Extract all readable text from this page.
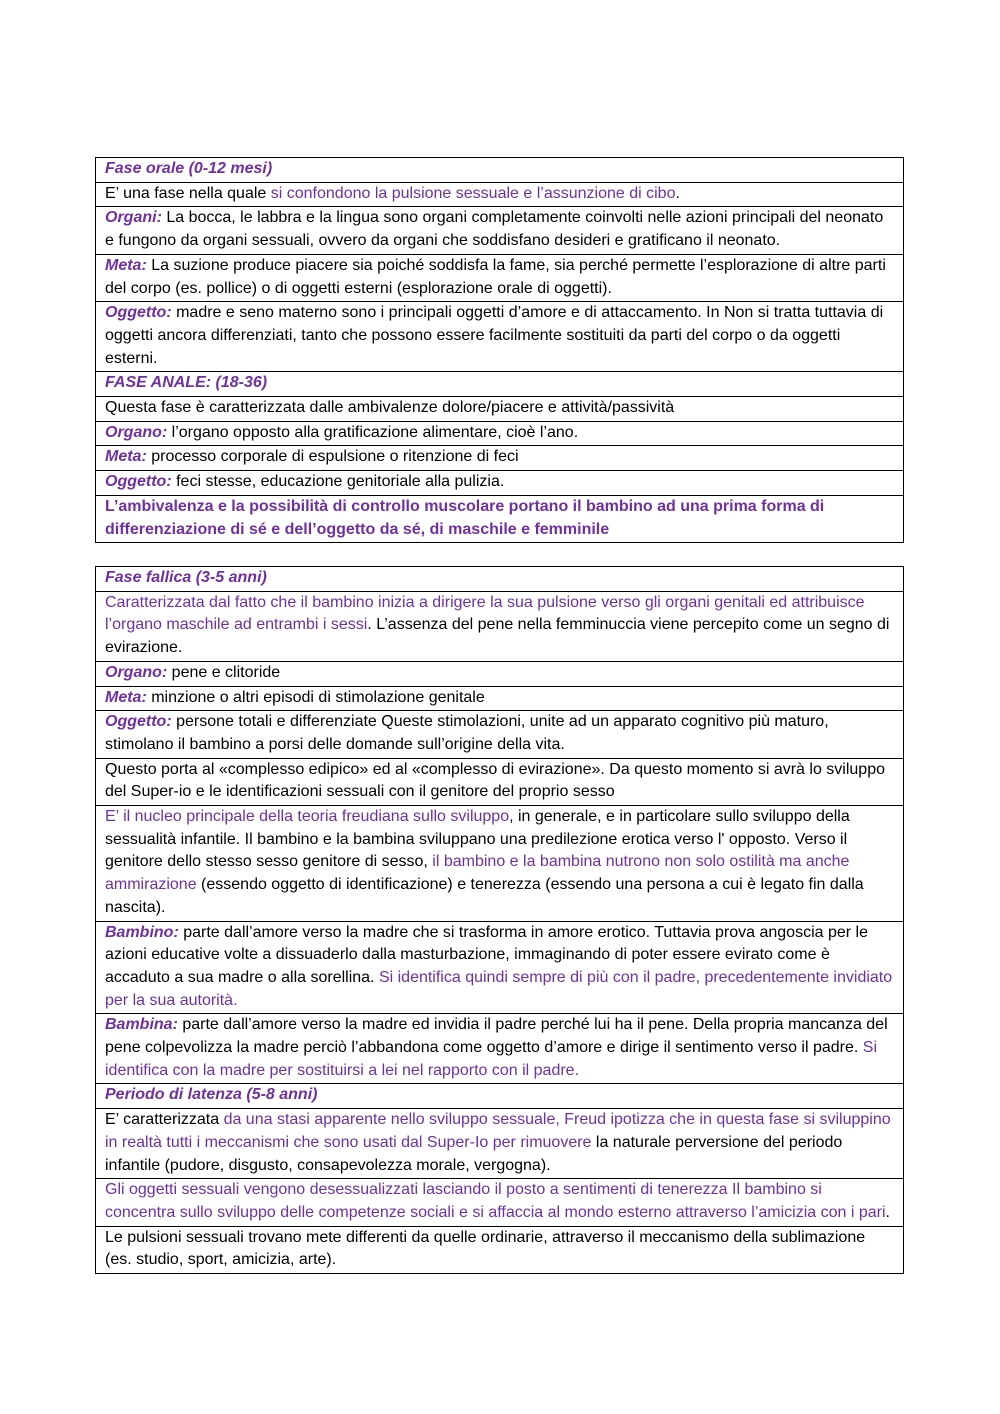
Fase orale (0-12 mesi)
E’ una fase nella quale si confondono la pulsione sessuale e l’assunzione di cibo.
Organi: La bocca, le labbra e la lingua sono organi completamente coinvolti nelle azioni principali del neonato e fungono da organi sessuali, ovvero da organi che soddisfano desideri e gratificano il neonato.
Meta: La suzione produce piacere sia poiché soddisfa la fame, sia perché permette l’esplorazione di altre parti del corpo (es. pollice) o di oggetti esterni (esplorazione orale di oggetti).
Oggetto: madre e seno materno sono i principali oggetti d’amore e di attaccamento. In Non si tratta tuttavia di oggetti ancora differenziati, tanto che possono essere facilmente sostituiti da parti del corpo o da oggetti esterni.
FASE ANALE: (18-36)
Questa fase è caratterizzata dalle ambivalenze dolore/piacere e attività/passività
Organo: l’organo opposto alla gratificazione alimentare, cioè l’ano.
Meta: processo corporale di espulsione o ritenzione di feci
Oggetto: feci stesse, educazione genitoriale alla pulizia.
L’ambivalenza e la possibilità di controllo muscolare portano il bambino ad una prima forma di differenziazione di sé e dell’oggetto da sé, di maschile e femminile
Fase fallica (3-5 anni)
Caratterizzata dal fatto che il bambino inizia a dirigere la sua pulsione verso gli organi genitali ed attribuisce l’organo maschile ad entrambi i sessi. L’assenza del pene nella femminuccia viene percepito come un segno di evirazione.
Organo: pene e clitoride
Meta: minzione o altri episodi di stimolazione genitale
Oggetto: persone totali e differenziate Queste stimolazioni, unite ad un apparato cognitivo più maturo, stimolano il bambino a porsi delle domande sull’origine della vita.
Questo porta al «complesso edipico» ed al «complesso di evirazione». Da questo momento si avrà lo sviluppo del Super-io e le identificazioni sessuali con il genitore del proprio sesso
E’ il nucleo principale della teoria freudiana sullo sviluppo, in generale, e in particolare sullo sviluppo della sessualità infantile. Il bambino e la bambina sviluppano una predilezione erotica verso l' opposto. Verso il genitore dello stesso sesso genitore di sesso, il bambino e la bambina nutrono non solo ostilità ma anche ammirazione (essendo oggetto di identificazione) e tenerezza (essendo una persona a cui è legato fin dalla nascita).
Bambino: parte dall’amore verso la madre che si trasforma in amore erotico. Tuttavia prova angoscia per le azioni educative volte a dissuaderlo dalla masturbazione, immaginando di poter essere evirato come è accaduto a sua madre o alla sorellina. Si identifica quindi sempre di più con il padre, precedentemente invidiato per la sua autorità.
Bambina: parte dall’amore verso la madre ed invidia il padre perché lui ha il pene. Della propria mancanza del pene colpevolizza la madre perciò l’abbandona come oggetto d’amore e dirige il sentimento verso il padre. Si identifica con la madre per sostituirsi a lei nel rapporto con il padre.
Periodo di latenza (5-8 anni)
E’ caratterizzata da una stasi apparente nello sviluppo sessuale, Freud ipotizza che in questa fase si sviluppino in realtà tutti i meccanismi che sono usati dal Super-Io per rimuovere la naturale perversione del periodo infantile (pudore, disgusto, consapevolezza morale, vergogna).
Gli oggetti sessuali vengono desessualizzati lasciando il posto a sentimenti di tenerezza Il bambino si concentra sullo sviluppo delle competenze sociali e si affaccia al mondo esterno attraverso l’amicizia con i pari.
Le pulsioni sessuali trovano mete differenti da quelle ordinarie, attraverso il meccanismo della sublimazione (es. studio, sport, amicizia, arte).
